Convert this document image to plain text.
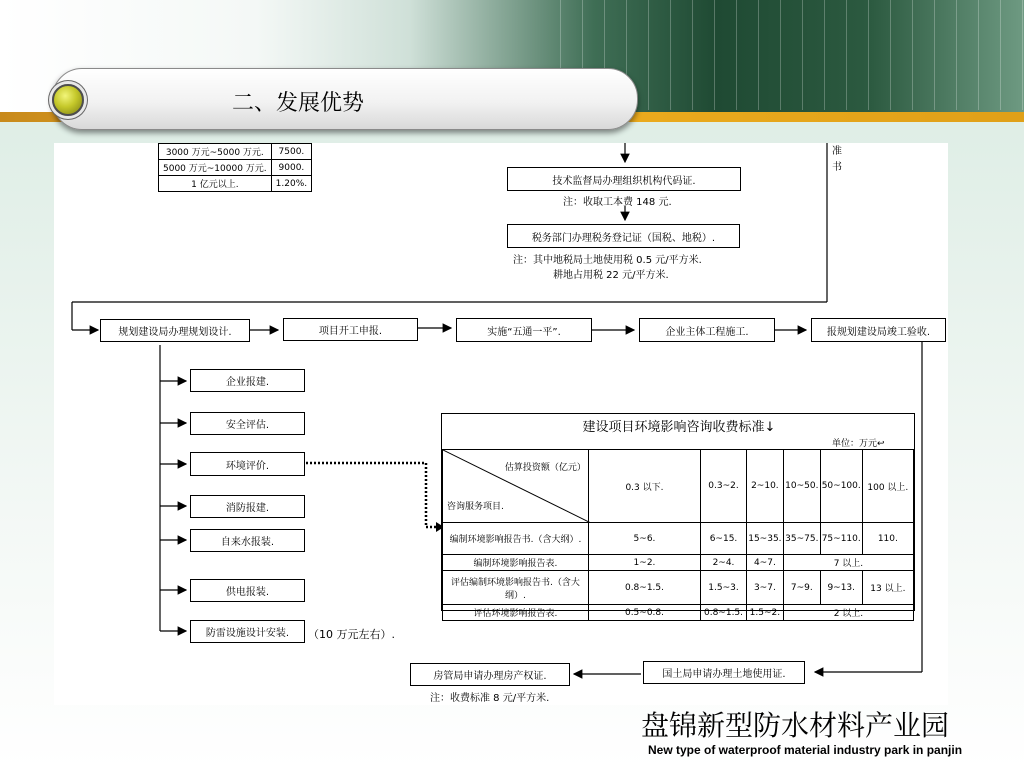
二、发展优势
3000 万元~5000 万元.	7500.
5000 万元~10000 万元.	9000.
1 亿元以上.	1.20%.
准
书
技术监督局办理组织机构代码证.
注：收取工本费 148 元.
税务部门办理税务登记证（国税、地税）.
注：其中地税局土地使用税 0.5 元/平方米.
耕地占用税 22 元/平方米.
规划建设局办理规划设计.	项目开工申报.	实施“五通一平”.	企业主体工程施工.	报规划建设局竣工验收.
企业报建.
安全评估.
环境评价.
消防报建.
自来水报装.
供电报装.
防雷设施设计安装.	（10 万元左右）.
建设项目环境影响咨询收费标准↓
单位：万元↩
估算投资额（亿元）
咨询服务项目.	0.3 以下.	0.3~2.	2~10.	10~50.	50~100.	100 以上.
编制环境影响报告书.（含大纲）.	5~6.	6~15.	15~35.	35~75.	75~110.	110.
编制环境影响报告表.	1~2.	2~4.	4~7.	7 以上.		
评估编制环境影响报告书.（含大纲）.	0.8~1.5.	1.5~3.	3~7.	7~9.	9~13.	13 以上.
评估环境影响报告表.	0.5~0.8.	0.8~1.5.	1.5~2.	2 以上.		
国土局申请办理土地使用证.
房管局申请办理房产权证.
注：收费标准 8 元/平方米.
盘锦新型防水材料产业园
New type of waterproof material industry park in panjin
